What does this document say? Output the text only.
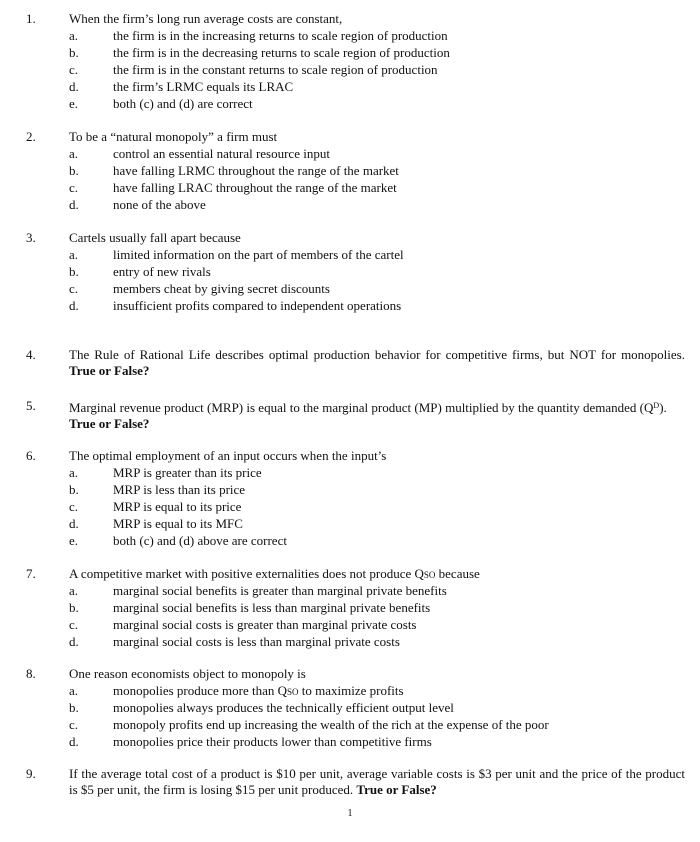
1.	When the firm’s long run average costs are constant,

a.	the firm is in the increasing returns to scale region of production
b.	the firm is in the decreasing returns to scale region of production
c.	the firm is in the constant returns to scale region of production
d.	the firm’s LRMC equals its LRAC
e.	both (c) and (d) are correct
2.	To be a “natural monopoly” a firm must

a.	control an essential natural resource input
b.	have falling LRMC throughout the range of the market
c.	have falling LRAC throughout the range of the market
d.	none of the above
3.	Cartels usually fall apart because

a.	limited information on the part of members of the cartel
b.	entry of new rivals
c.	members cheat by giving secret discounts
d.	insufficient profits compared to independent operations
4.	The Rule of Rational Life describes optimal production behavior for competitive firms, but NOT for monopolies. True or False?

5.	Marginal revenue product (MRP) is equal to the marginal product (MP) multiplied by the quantity demanded $(Q^D)$. True or False?

6.	The optimal employment of an input occurs when the input’s

a.	MRP is greater than its price
b.	MRP is less than its price
c.	MRP is equal to its price
d.	MRP is equal to its MFC
e.	both (c) and (d) above are correct
7.	A competitive market with positive externalities does not produce QSO because

a.	marginal social benefits is greater than marginal private benefits
b.	marginal social benefits is less than marginal private benefits
c.	marginal social costs is greater than marginal private costs
d.	marginal social costs is less than marginal private costs
8.	One reason economists object to monopoly is

a.	monopolies produce more than QSO to maximize profits
b.	monopolies always produces the technically efficient output level
c.	monopoly profits end up increasing the wealth of the rich at the expense of the poor
d.	monopolies price their products lower than competitive firms
9.	If the average total cost of a product is $10 per unit, average variable costs is $3 per unit and the price of the product is $5 per unit, the firm is losing $15 per unit produced. True or False?

1
